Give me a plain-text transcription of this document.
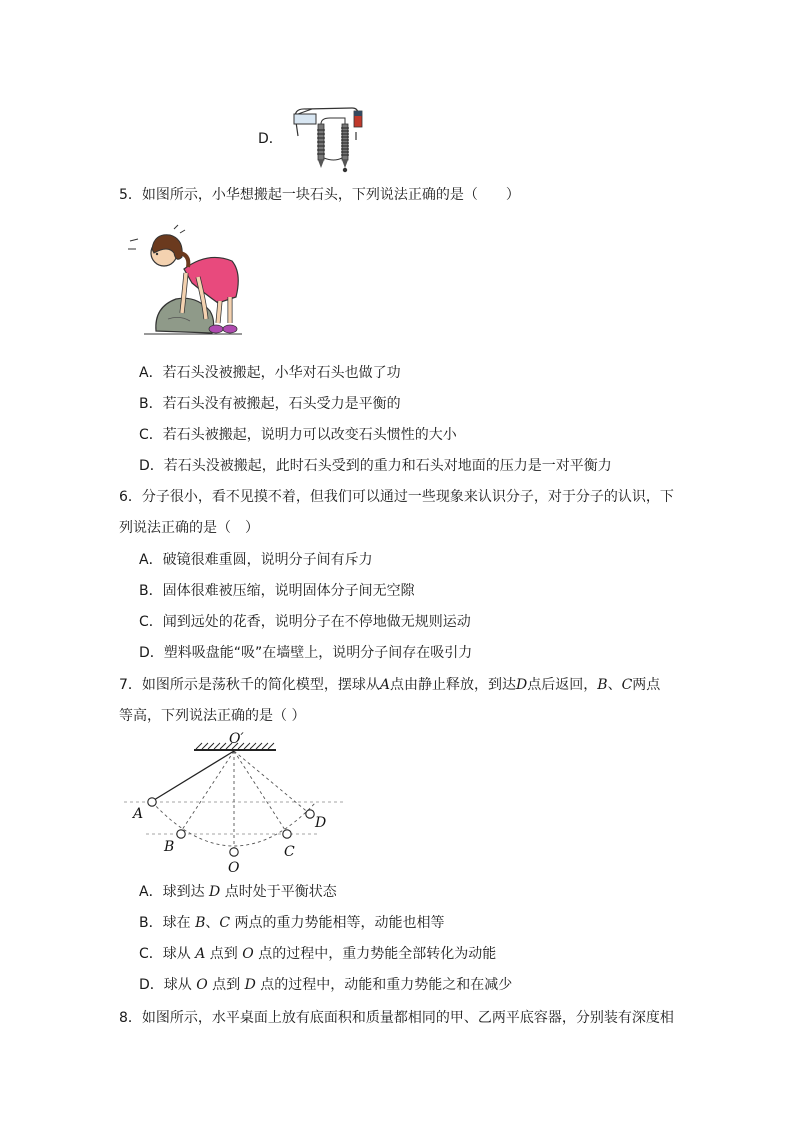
D．
5．如图所示，小华想搬起一块石头，下列说法正确的是（　　）
A．若石头没被搬起，小华对石头也做了功
B．若石头没有被搬起，石头受力是平衡的
C．若石头被搬起，说明力可以改变石头惯性的大小
D．若石头没被搬起，此时石头受到的重力和石头对地面的压力是一对平衡力
6．分子很小，看不见摸不着，但我们可以通过一些现象来认识分子，对于分子的认识，下
列说法正确的是（　）
A．破镜很难重圆，说明分子间有斥力
B．固体很难被压缩，说明固体分子间无空隙
C．闻到远处的花香，说明分子在不停地做无规则运动
D．塑料吸盘能“吸”在墙壁上，说明分子间存在吸引力
7．如图所示是荡秋千的简化模型，摆球从A点由静止释放，到达D点后返回，B、C两点
等高，下列说法正确的是（ ）
O′
A
B
O
C
D
A．球到达 D 点时处于平衡状态
B．球在 B、C 两点的重力势能相等，动能也相等
C．球从 A 点到 O 点的过程中，重力势能全部转化为动能
D．球从 O 点到 D 点的过程中，动能和重力势能之和在减少
8．如图所示，水平桌面上放有底面积和质量都相同的甲、乙两平底容器，分别装有深度相
